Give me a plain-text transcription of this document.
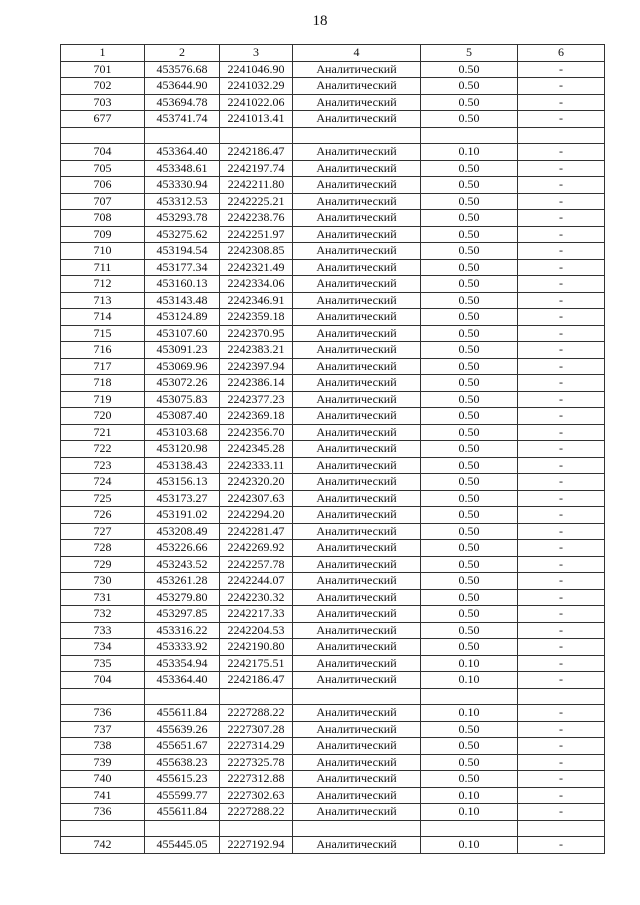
18
1	2	3	4	5	6
701	453576.68	2241046.90	Аналитический	0.50	-
702	453644.90	2241032.29	Аналитический	0.50	-
703	453694.78	2241022.06	Аналитический	0.50	-
677	453741.74	2241013.41	Аналитический	0.50	-

704	453364.40	2242186.47	Аналитический	0.10	-
705	453348.61	2242197.74	Аналитический	0.50	-
706	453330.94	2242211.80	Аналитический	0.50	-
707	453312.53	2242225.21	Аналитический	0.50	-
708	453293.78	2242238.76	Аналитический	0.50	-
709	453275.62	2242251.97	Аналитический	0.50	-
710	453194.54	2242308.85	Аналитический	0.50	-
711	453177.34	2242321.49	Аналитический	0.50	-
712	453160.13	2242334.06	Аналитический	0.50	-
713	453143.48	2242346.91	Аналитический	0.50	-
714	453124.89	2242359.18	Аналитический	0.50	-
715	453107.60	2242370.95	Аналитический	0.50	-
716	453091.23	2242383.21	Аналитический	0.50	-
717	453069.96	2242397.94	Аналитический	0.50	-
718	453072.26	2242386.14	Аналитический	0.50	-
719	453075.83	2242377.23	Аналитический	0.50	-
720	453087.40	2242369.18	Аналитический	0.50	-
721	453103.68	2242356.70	Аналитический	0.50	-
722	453120.98	2242345.28	Аналитический	0.50	-
723	453138.43	2242333.11	Аналитический	0.50	-
724	453156.13	2242320.20	Аналитический	0.50	-
725	453173.27	2242307.63	Аналитический	0.50	-
726	453191.02	2242294.20	Аналитический	0.50	-
727	453208.49	2242281.47	Аналитический	0.50	-
728	453226.66	2242269.92	Аналитический	0.50	-
729	453243.52	2242257.78	Аналитический	0.50	-
730	453261.28	2242244.07	Аналитический	0.50	-
731	453279.80	2242230.32	Аналитический	0.50	-
732	453297.85	2242217.33	Аналитический	0.50	-
733	453316.22	2242204.53	Аналитический	0.50	-
734	453333.92	2242190.80	Аналитический	0.50	-
735	453354.94	2242175.51	Аналитический	0.10	-
704	453364.40	2242186.47	Аналитический	0.10	-

736	455611.84	2227288.22	Аналитический	0.10	-
737	455639.26	2227307.28	Аналитический	0.50	-
738	455651.67	2227314.29	Аналитический	0.50	-
739	455638.23	2227325.78	Аналитический	0.50	-
740	455615.23	2227312.88	Аналитический	0.50	-
741	455599.77	2227302.63	Аналитический	0.10	-
736	455611.84	2227288.22	Аналитический	0.10	-

742	455445.05	2227192.94	Аналитический	0.10	-
